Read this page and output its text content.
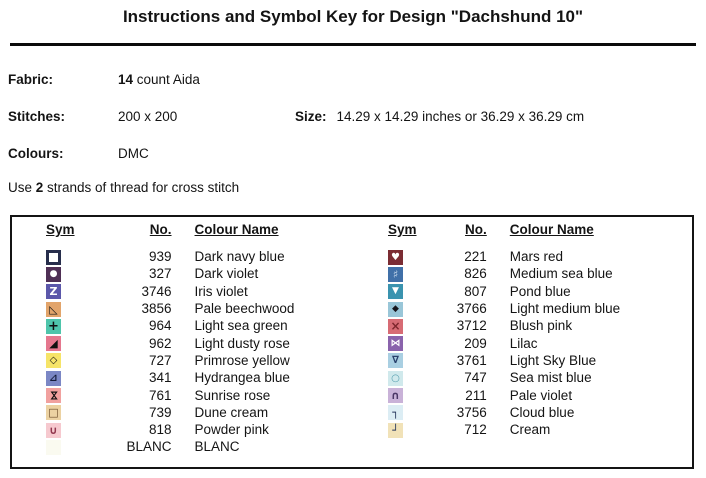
Instructions and Symbol Key for Design "Dachshund 10"
Fabric:	14 count Aida
Stitches:	200 x 200	Size: 14.29 x 14.29 inches or 36.29 x 36.29 cm
Colours:	DMC
Use 2 strands of thread for cross stitch
Sym	No.	Colour Name

	939	Dark navy blue
●	327	Dark violet
Z	3746	Iris violet
◺	3856	Pale beechwood
+	964	Light sea green
◢	962	Light dusty rose
◇	727	Primrose yellow
⊿	341	Hydrangea blue
⋈	761	Sunrise rose
□	739	Dune cream
∪	818	Powder pink
	BLANC	BLANC
Sym	No.	Colour Name

♥	221	Mars red
♯	826	Medium sea blue
▼	807	Pond blue
◆	3766	Light medium blue
×	3712	Blush pink
⋈	209	Lilac
∇	3761	Light Sky Blue
○	747	Sea mist blue
∩	211	Pale violet
┐	3756	Cloud blue
┘	712	Cream
